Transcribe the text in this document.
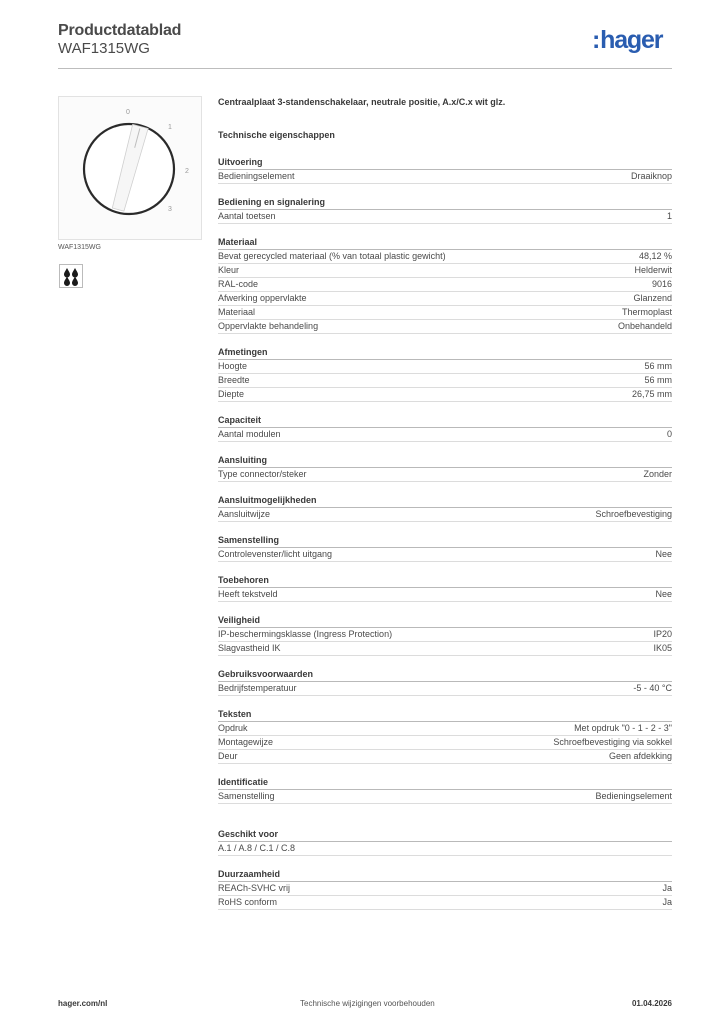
Productdatablad
WAF1315WG	:hager
0
1
2
3
WAF1315WG
Centraalplaat 3-standenschakelaar, neutrale positie, A.x/C.x wit glz.
Technische eigenschappen
Uitvoering
Bedieningselement	Draaiknop
Bediening en signalering
Aantal toetsen	1
Materiaal
Bevat gerecycled materiaal (% van totaal plastic gewicht)	48,12 %
Kleur	Helderwit
RAL-code	9016
Afwerking oppervlakte	Glanzend
Materiaal	Thermoplast
Oppervlakte behandeling	Onbehandeld
Afmetingen
Hoogte	56 mm
Breedte	56 mm
Diepte	26,75 mm
Capaciteit
Aantal modulen	0
Aansluiting
Type connector/steker	Zonder
Aansluitmogelijkheden
Aansluitwijze	Schroefbevestiging
Samenstelling
Controlevenster/licht uitgang	Nee
Toebehoren
Heeft tekstveld	Nee
Veiligheid
IP-beschermingsklasse (Ingress Protection)	IP20
Slagvastheid IK	IK05
Gebruiksvoorwaarden
Bedrijfstemperatuur	-5 - 40 °C
Teksten
Opdruk	Met opdruk "0 - 1 - 2 - 3"
Montagewijze	Schroefbevestiging via sokkel
Deur	Geen afdekking
Identificatie
Samenstelling	Bedieningselement
Geschikt voor
A.1 / A.8 / C.1 / C.8
Duurzaamheid
REACh-SVHC vrij	Ja
RoHS conform	Ja
hager.com/nl	Technische wijzigingen voorbehouden	01.04.2026
